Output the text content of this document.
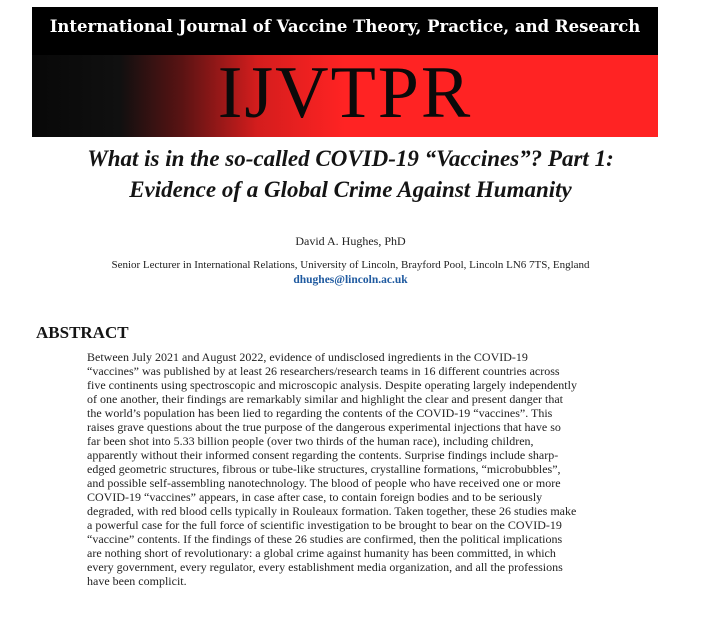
International Journal of Vaccine Theory, Practice, and Research
IJVTPR
What is in the so-called COVID-19 “Vaccines”? Part 1:
Evidence of a Global Crime Against Humanity
David A. Hughes, PhD
Senior Lecturer in International Relations, University of Lincoln, Brayford Pool, Lincoln LN6 7TS, England
dhughes@lincoln.ac.uk
ABSTRACT
Between July 2021 and August 2022, evidence of undisclosed ingredients in the COVID-19
“vaccines” was published by at least 26 researchers/research teams in 16 different countries across
five continents using spectroscopic and microscopic analysis. Despite operating largely independently
of one another, their findings are remarkably similar and highlight the clear and present danger that
the world’s population has been lied to regarding the contents of the COVID-19 “vaccines”. This
raises grave questions about the true purpose of the dangerous experimental injections that have so
far been shot into 5.33 billion people (over two thirds of the human race), including children,
apparently without their informed consent regarding the contents. Surprise findings include sharp-
edged geometric structures, fibrous or tube-like structures, crystalline formations, “microbubbles”,
and possible self-assembling nanotechnology. The blood of people who have received one or more
COVID-19 “vaccines” appears, in case after case, to contain foreign bodies and to be seriously
degraded, with red blood cells typically in Rouleaux formation. Taken together, these 26 studies make
a powerful case for the full force of scientific investigation to be brought to bear on the COVID-19
“vaccine” contents. If the findings of these 26 studies are confirmed, then the political implications
are nothing short of revolutionary: a global crime against humanity has been committed, in which
every government, every regulator, every establishment media organization, and all the professions
have been complicit.
